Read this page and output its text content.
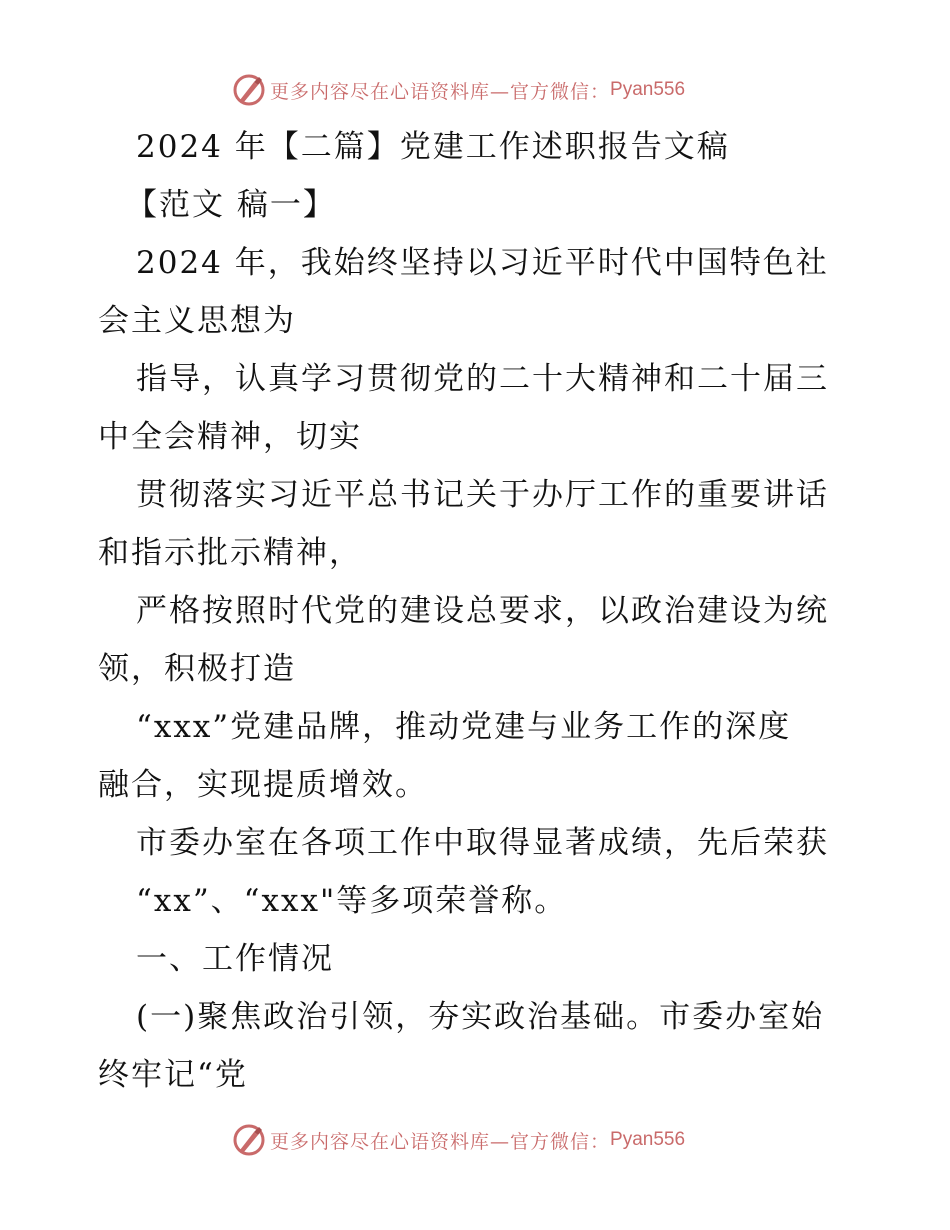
更多内容尽在心语资料库—官方微信： Pyan556
2024 年【二篇】党建工作述职报告文稿
【范文 稿一】
2024 年，我始终坚持以习近平时代中国特色社
会主义思想为
指导，认真学习贯彻党的二十大精神和二十届三
中全会精神，切实
贯彻落实习近平总书记关于办厅工作的重要讲话
和指示批示精神，
严格按照时代党的建设总要求，以政治建设为统
领，积极打造
“xxx”党建品牌，推动党建与业务工作的深度
融合，实现提质增效。
市委办室在各项工作中取得显著成绩，先后荣获
“xx”、“xxx"等多项荣誉称。
一、工作情况
(一)聚焦政治引领，夯实政治基础。市委办室始
终牢记“党
更多内容尽在心语资料库—官方微信： Pyan556
